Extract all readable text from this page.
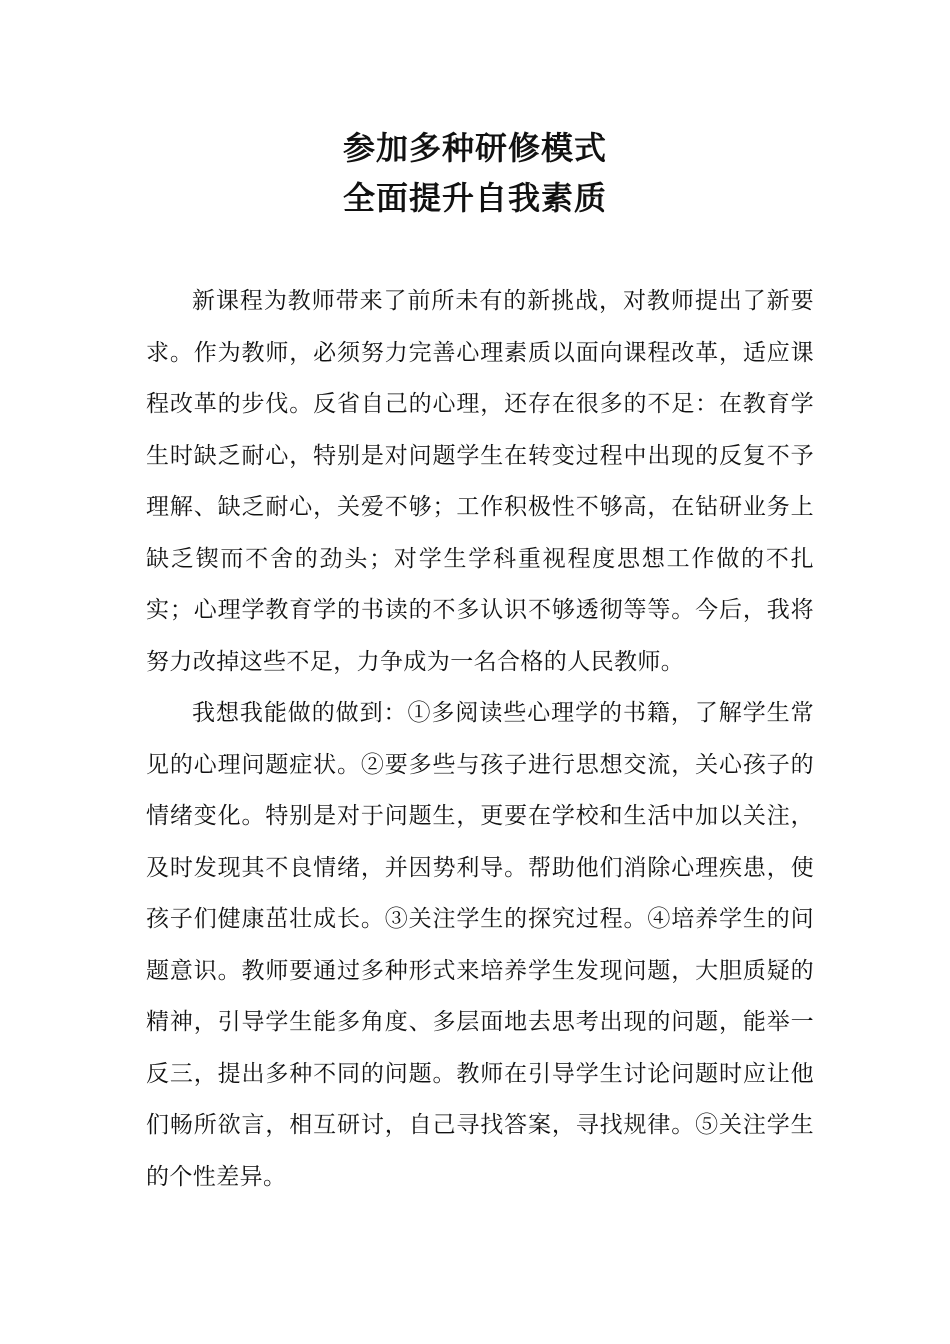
参加多种研修模式
全面提升自我素质

新课程为教师带来了前所未有的新挑战，对教师提出了新要求。作为教师，必须努力完善心理素质以面向课程改革，适应课程改革的步伐。反省自己的心理，还存在很多的不足：在教育学生时缺乏耐心，特别是对问题学生在转变过程中出现的反复不予理解、缺乏耐心，关爱不够；工作积极性不够高，在钻研业务上缺乏锲而不舍的劲头；对学生学科重视程度思想工作做的不扎实；心理学教育学的书读的不多认识不够透彻等等。今后，我将努力改掉这些不足，力争成为一名合格的人民教师。

我想我能做的做到：①多阅读些心理学的书籍，了解学生常见的心理问题症状。②要多些与孩子进行思想交流，关心孩子的情绪变化。特别是对于问题生，更要在学校和生活中加以关注，及时发现其不良情绪，并因势利导。帮助他们消除心理疾患，使孩子们健康茁壮成长。③关注学生的探究过程。④培养学生的问题意识。教师要通过多种形式来培养学生发现问题，大胆质疑的精神，引导学生能多角度、多层面地去思考出现的问题，能举一反三，提出多种不同的问题。教师在引导学生讨论问题时应让他们畅所欲言，相互研讨，自己寻找答案，寻找规律。⑤关注学生的个性差异。
